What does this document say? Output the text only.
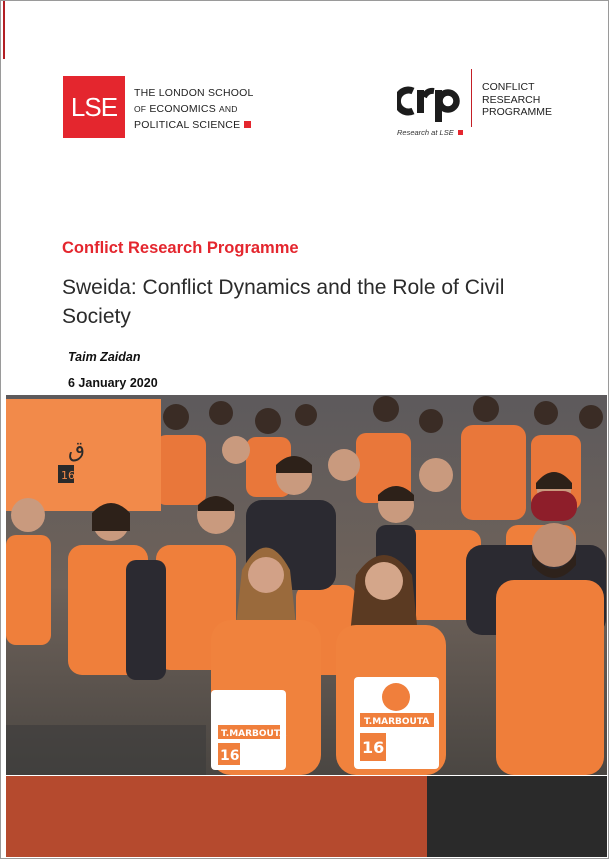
LSE THE LONDON SCHOOL
OF ECONOMICS AND
POLITICAL SCIENCE
Research at LSE
CONFLICT
RESEARCH
PROGRAMME
Conflict Research Programme
Sweida: Conflict Dynamics and the Role of Civil Society
Taim Zaidan
6 January 2020
ق
16
T.MARBOUTA
16
T.MARBOUTA
16
